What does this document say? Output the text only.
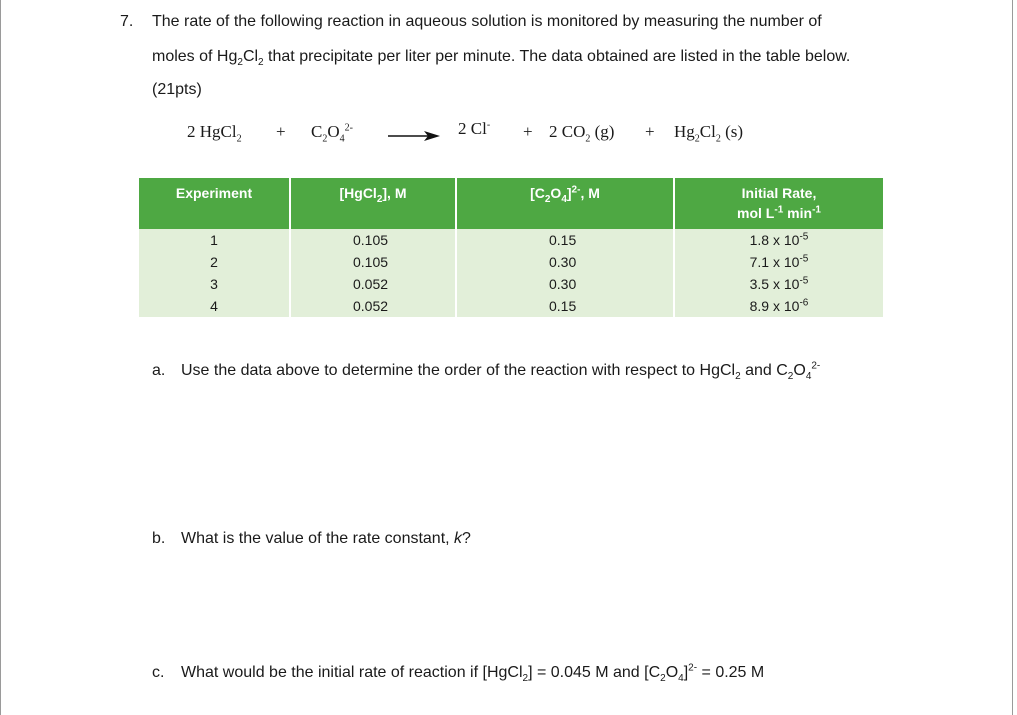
7. The rate of the following reaction in aqueous solution is monitored by measuring the number of
moles of $Hg_2Cl_2$ that precipitate per liter per minute. The data obtained are listed in the table below.
(21pts)
2 HgCl$_2$ + $C_2O_4^{2-} \to 2$ Cl- + 2 $CO_2$ $(g) + Hg_2Cl_2$ (s)
Experiment	[HgCl$_2$], M	$[C_2O_4]^{2-}$, M	Initial Rate,
mol $L^{-1}$ $\min^{-1}$
1	0.105	0.15	1.8 x $10^{-5}$
2	0.105	0.30	7.1 x $10^{-5}$
3	0.052	0.30	3.5 x $10^{-5}$
4	0.052	0.15	8.9 x $10^{-6}$
a. Use the data above to determine the order of the reaction with respect to HgCl$_2$ and $C_2O_4^{2-}$
b. What is the value of the rate constant, k?
c. What would be the initial rate of reaction if [HgCl$_2$] = 0.045 M and $[C_2O_4]^{2-} = 0.25$ M
